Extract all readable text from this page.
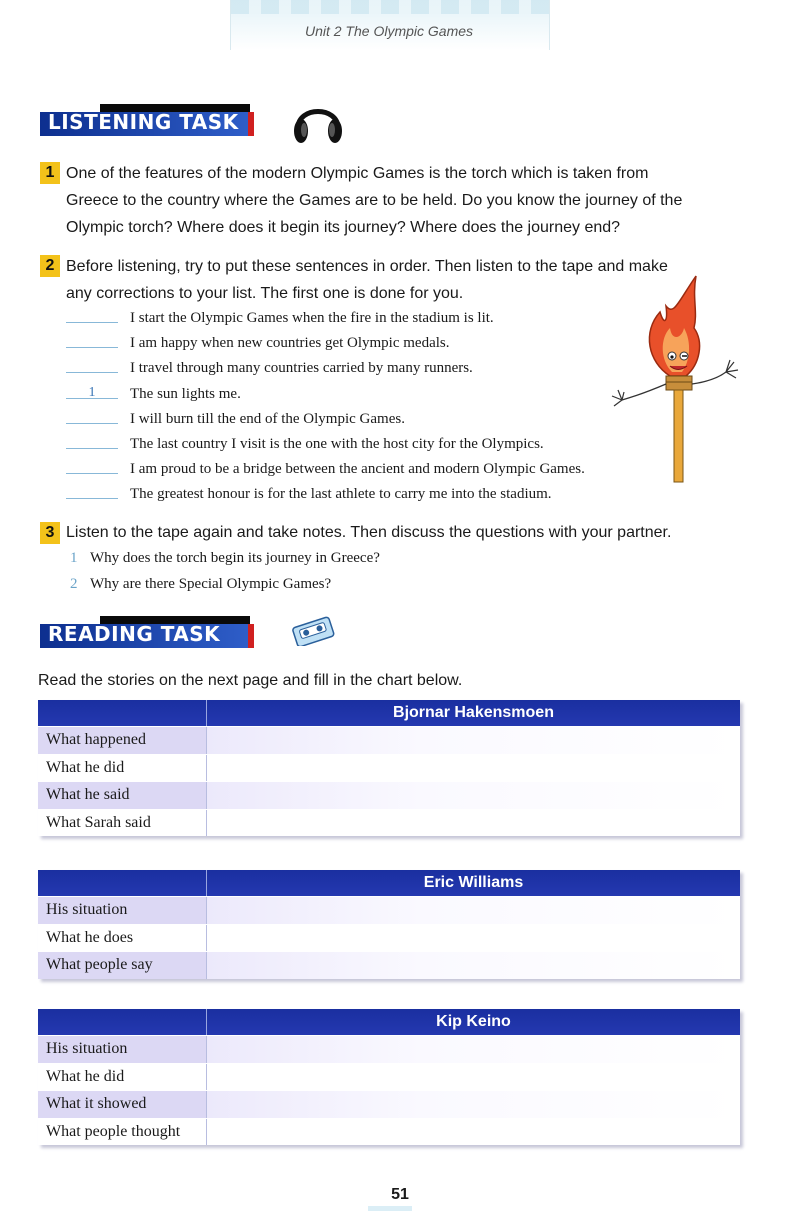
Unit 2 The Olympic Games
LISTENING TASK
1 One of the features of the modern Olympic Games is the torch which is taken from
Greece to the country where the Games are to be held. Do you know the journey of the
Olympic torch? Where does it begin its journey? Where does the journey end?
2 Before listening, try to put these sentences in order. Then listen to the tape and make
any corrections to your list. The first one is done for you.
I start the Olympic Games when the fire in the stadium is lit.
I am happy when new countries get Olympic medals.
I travel through many countries carried by many runners.
1	The sun lights me.
I will burn till the end of the Olympic Games.
The last country I visit is the one with the host city for the Olympics.
I am proud to be a bridge between the ancient and modern Olympic Games.
The greatest honour is for the last athlete to carry me into the stadium.
3 Listen to the tape again and take notes. Then discuss the questions with your partner.
1 Why does the torch begin its journey in Greece?
2 Why are there Special Olympic Games?
READING TASK
Read the stories on the next page and fill in the chart below.
Bjornar Hakensmoen
What happened
What he did
What he said
What Sarah said
Eric Williams
His situation
What he does
What people say
Kip Keino
His situation
What he did
What it showed
What people thought
51
